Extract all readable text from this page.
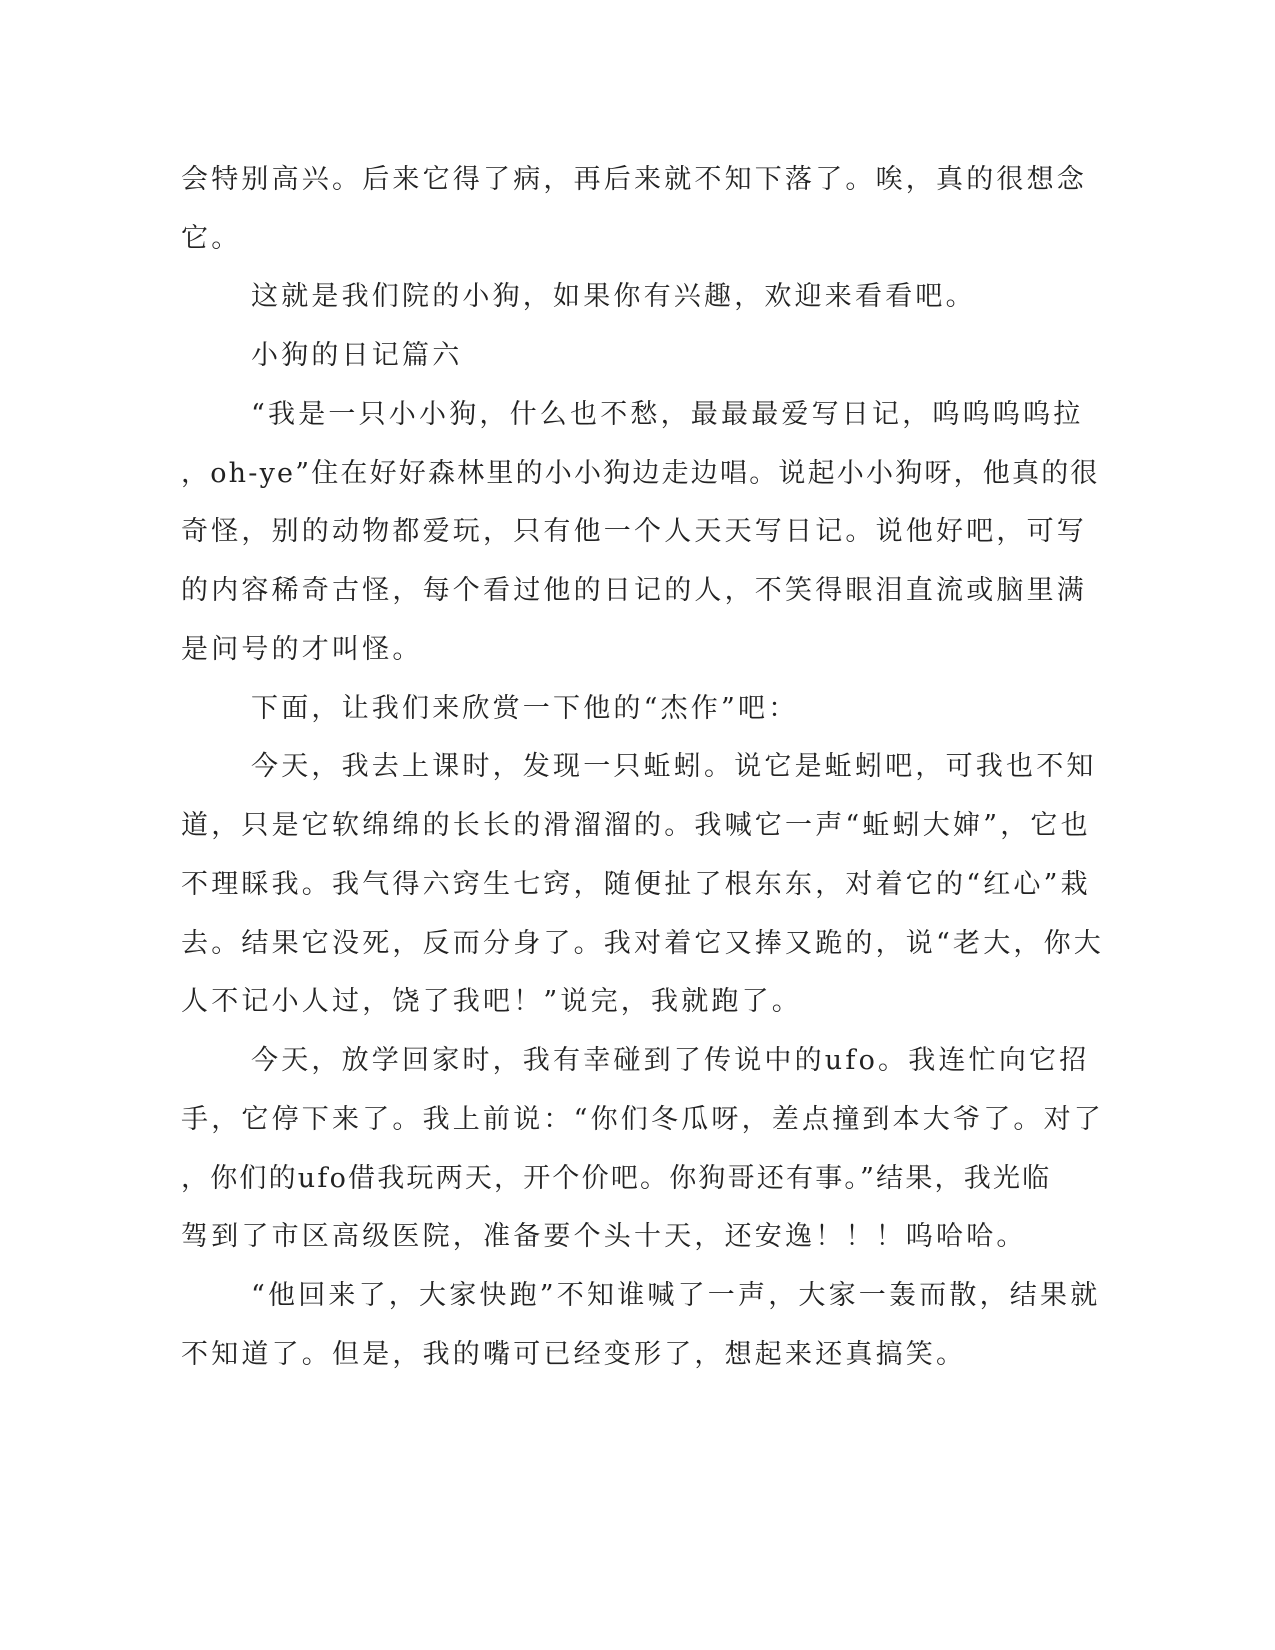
会特别高兴。后来它得了病，再后来就不知下落了。唉，真的很想念
它。
这就是我们院的小狗，如果你有兴趣，欢迎来看看吧。
小狗的日记篇六
“我是一只小小狗，什么也不愁，最最最爱写日记，呜呜呜呜拉
，oh-ye”住在好好森林里的小小狗边走边唱。说起小小狗呀，他真的很
奇怪，别的动物都爱玩，只有他一个人天天写日记。说他好吧，可写
的内容稀奇古怪，每个看过他的日记的人，不笑得眼泪直流或脑里满
是问号的才叫怪。
下面，让我们来欣赏一下他的“杰作”吧：
今天，我去上课时，发现一只蚯蚓。说它是蚯蚓吧，可我也不知
道，只是它软绵绵的长长的滑溜溜的。我喊它一声“蚯蚓大婶”，它也
不理睬我。我气得六窍生七窍，随便扯了根东东，对着它的“红心”栽
去。结果它没死，反而分身了。我对着它又捧又跪的，说“老大，你大
人不记小人过，饶了我吧！”说完，我就跑了。
今天，放学回家时，我有幸碰到了传说中的ufo。我连忙向它招
手，它停下来了。我上前说：“你们冬瓜呀，差点撞到本大爷了。对了
，你们的ufo借我玩两天，开个价吧。你狗哥还有事。”结果，我光临
驾到了市区高级医院，准备要个头十天，还安逸！！！呜哈哈。
“他回来了，大家快跑”不知谁喊了一声，大家一轰而散，结果就
不知道了。但是，我的嘴可已经变形了，想起来还真搞笑。
